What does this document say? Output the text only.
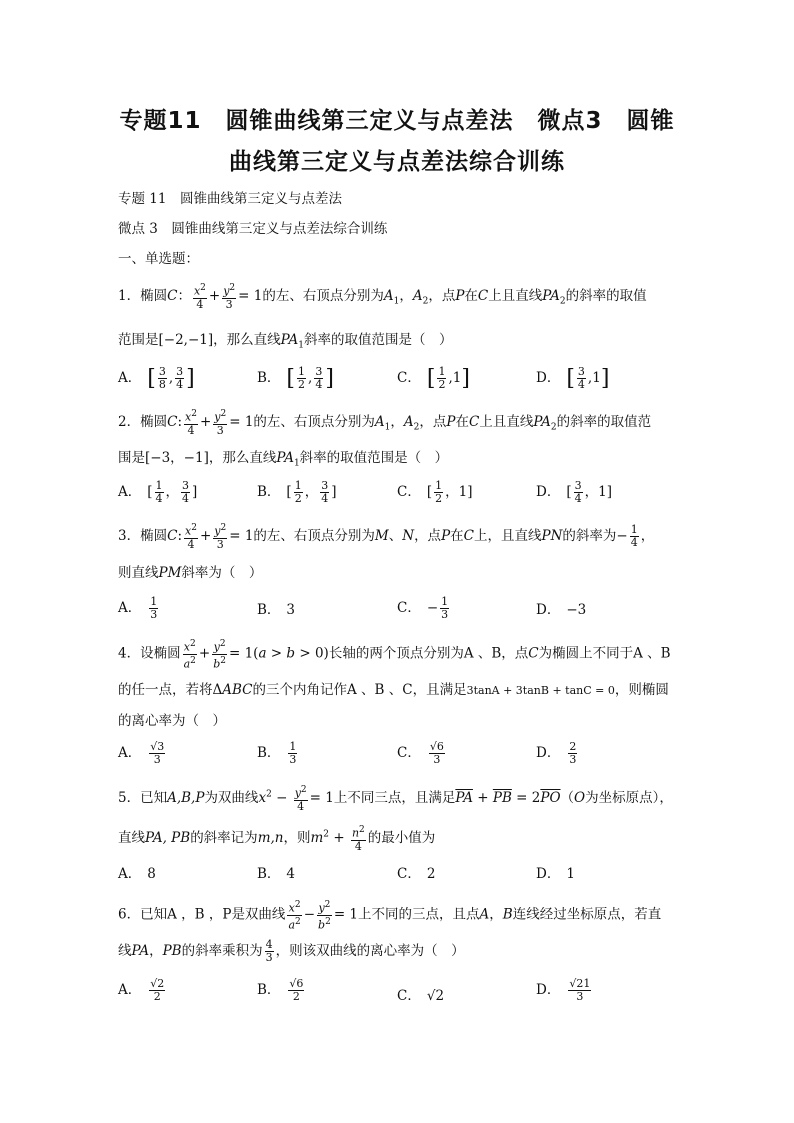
专题11　圆锥曲线第三定义与点差法　微点3　圆锥
曲线第三定义与点差法综合训练
专题 11　圆锥曲线第三定义与点差法
微点 3　圆锥曲线第三定义与点差法综合训练
一、单选题：
1．椭圆C： $\frac{x^2}{4} + \frac{y^2}{3} = 1$的左、右顶点分别为$A_1$，$A_2$，点P在C上且直线$PA_2$的斜率的取值
范围是[−2,−1]，那么直线$PA_1$斜率的取值范围是（　）
A． [ $\frac{3}{8}$ , $\frac{3}{4}$ ]	B． [ $\frac{1}{2}$ , $\frac{3}{4}$ ]	C． [ $\frac{1}{2} ,1$]	D． [ $\frac{3}{4} ,1$]
2．椭圆C: $\frac{x^2}{4} + \frac{y^2}{3} = 1$的左、右顶点分别为$A_1$，$A_2$，点P在C上且直线$PA_2$的斜率的取值范
围是[−3，−1]，那么直线$PA_1$斜率的取值范围是（　）
A． [ $\frac{1}{4}$ ， $\frac{3}{4}$ ]	B． [ $\frac{1}{2}$ ， $\frac{3}{4}$ ]	C． [ $\frac{1}{2}$ ，1]	D． [ $\frac{3}{4}$ ，1]
3．椭圆C: $\frac{x^2}{4} + \frac{y^2}{3} = 1$的左、右顶点分别为M、N，点P在C上，且直线PN的斜率为− $\frac{1}{4}$ ，
则直线PM斜率为（　）
A． $\frac{1}{3}$	B． 3	C． − $\frac{1}{3}$	D． −3
4．设椭圆 $\frac{x^2}{a^2} + \frac{y^2}{b^2} = 1(a > b > 0)$长轴的两个顶点分别为A 、B，点C为椭圆上不同于A 、B
的任一点，若将ΔABC的三个内角记作A 、B 、C，且满足3tanA + 3tanB + tanC = 0，则椭圆
的离心率为（　）
A． $\frac{√3}{3}$	B． $\frac{1}{3}$	C． $\frac{√6}{3}$	D． $\frac{2}{3}$
5．已知A,B,P为双曲线$x^2 - \frac{y^2}{4} = 1$上不同三点，且满足$\overline{PA} + \overline{PB} = 2\overline{PO}(O$为坐标原点），
直线PA, PB的斜率记为m,n，则$m^2 + \frac{n^2}{4}$ 的最小值为
A． 8	B． 4	C． 2	D． 1
6．已知A ，B ，P是双曲线 $\frac{x^2}{a^2} - \frac{y^2}{b^2} = 1$上不同的三点，且点A，B连线经过坐标原点，若直
线PA，PB的斜率乘积为 $\frac{4}{3}$ ，则该双曲线的离心率为（　）
A． $\frac{√2}{2}$	B． $\frac{√6}{2}$	C． √2	D． $\frac{√21}{3}$
